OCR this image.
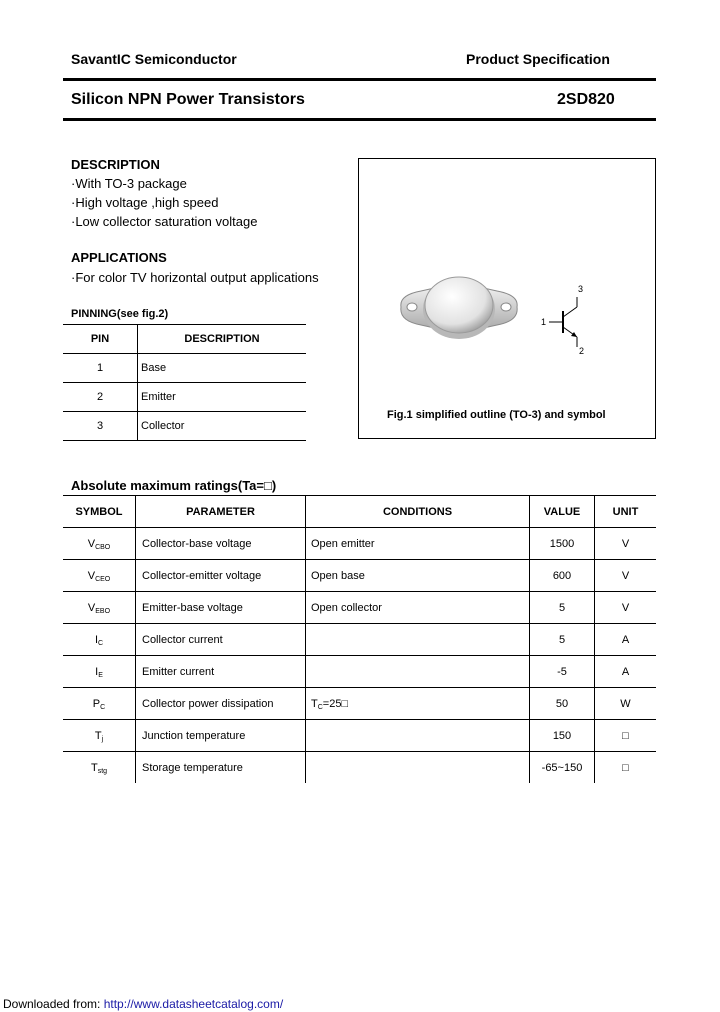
SavantIC Semiconductor	Product Specification
Silicon NPN Power Transistors	2SD820
DESCRIPTION
·With TO-3 package
·High voltage ,high speed
·Low collector saturation voltage
APPLICATIONS
·For color TV horizontal output applications
PINNING(see fig.2)
PIN	DESCRIPTION
1	Base
2	Emitter
3	Collector
3
1
2
Fig.1 simplified outline (TO-3) and symbol
Absolute maximum ratings(Ta=□)
SYMBOL	PARAMETER	CONDITIONS	VALUE	UNIT
VCBO	Collector-base voltage	Open emitter	1500	V
VCEO	Collector-emitter voltage	Open base	600	V
VEBO	Emitter-base voltage	Open collector	5	V
IC	Collector current		5	A
IE	Emitter current		-5	A
PC	Collector power dissipation	TC=25□	50	W
Tj	Junction temperature		150	□
Tstg	Storage temperature		-65~150	□
Downloaded from: http://www.datasheetcatalog.com/
